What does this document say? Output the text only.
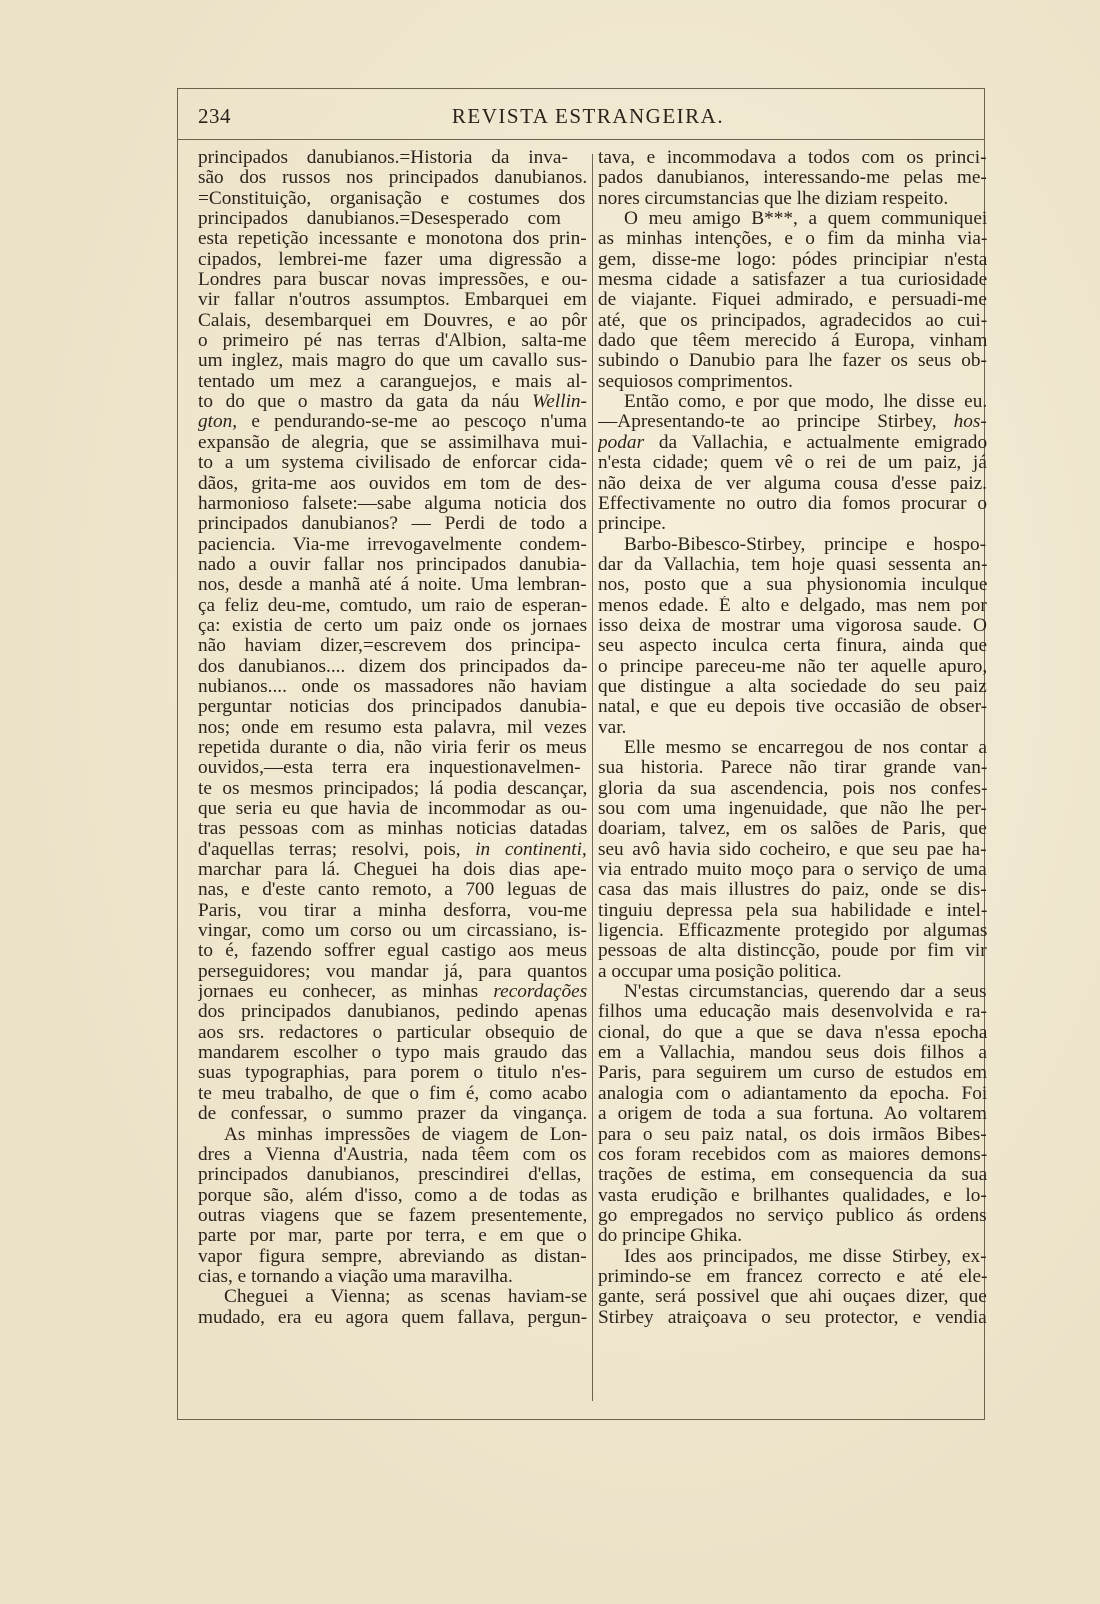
234	REVISTA ESTRANGEIRA.
principados danubianos.=Historia da inva-
são dos russos nos principados danubianos.
=Constituição, organisação e costumes dos
principados danubianos.=Desesperado com
esta repetição incessante e monotona dos prin-
cipados, lembrei-me fazer uma digressão a
Londres para buscar novas impressões, e ou-
vir fallar n'outros assumptos. Embarquei em
Calais, desembarquei em Douvres, e ao pôr
o primeiro pé nas terras d'Albion, salta-me
um inglez, mais magro do que um cavallo sus-
tentado um mez a caranguejos, e mais al-
to do que o mastro da gata da náu Wellin-
gton, e pendurando-se-me ao pescoço n'uma
expansão de alegria, que se assimilhava mui-
to a um systema civilisado de enforcar cida-
dãos, grita-me aos ouvidos em tom de des-
harmonioso falsete:—sabe alguma noticia dos
principados danubianos? — Perdi de todo a
paciencia. Via-me irrevogavelmente condem-
nado a ouvir fallar nos principados danubia-
nos, desde a manhã até á noite. Uma lembran-
ça feliz deu-me, comtudo, um raio de esperan-
ça: existia de certo um paiz onde os jornaes
não haviam dizer,=escrevem dos principa-
dos danubianos.... dizem dos principados da-
nubianos.... onde os massadores não haviam
perguntar noticias dos principados danubia-
nos; onde em resumo esta palavra, mil vezes
repetida durante o dia, não viria ferir os meus
ouvidos,—esta terra era inquestionavelmen-
te os mesmos principados; lá podia descançar,
que seria eu que havia de incommodar as ou-
tras pessoas com as minhas noticias datadas
d'aquellas terras; resolvi, pois, in continenti,
marchar para lá. Cheguei ha dois dias ape-
nas, e d'este canto remoto, a 700 leguas de
Paris, vou tirar a minha desforra, vou-me
vingar, como um corso ou um circassiano, is-
to é, fazendo soffrer egual castigo aos meus
perseguidores; vou mandar já, para quantos
jornaes eu conhecer, as minhas recordações
dos principados danubianos, pedindo apenas
aos srs. redactores o particular obsequio de
mandarem escolher o typo mais graudo das
suas typographias, para porem o titulo n'es-
te meu trabalho, de que o fim é, como acabo
de confessar, o summo prazer da vingança.
As minhas impressões de viagem de Lon-
dres a Vienna d'Austria, nada têem com os
principados danubianos, prescindirei d'ellas,
porque são, além d'isso, como a de todas as
outras viagens que se fazem presentemente,
parte por mar, parte por terra, e em que o
vapor figura sempre, abreviando as distan-
cias, e tornando a viação uma maravilha.
Cheguei a Vienna; as scenas haviam-se
mudado, era eu agora quem fallava, pergun-
tava, e incommodava a todos com os princi-
pados danubianos, interessando-me pelas me-
nores circumstancias que lhe diziam respeito.
O meu amigo B***, a quem communiquei
as minhas intenções, e o fim da minha via-
gem, disse-me logo: pódes principiar n'esta
mesma cidade a satisfazer a tua curiosidade
de viajante. Fiquei admirado, e persuadi-me
até, que os principados, agradecidos ao cui-
dado que têem merecido á Europa, vinham
subindo o Danubio para lhe fazer os seus ob-
sequiosos comprimentos.
Então como, e por que modo, lhe disse eu.
—Apresentando-te ao principe Stirbey, hos-
podar da Vallachia, e actualmente emigrado
n'esta cidade; quem vê o rei de um paiz, já
não deixa de ver alguma cousa d'esse paiz.
Effectivamente no outro dia fomos procurar o
principe.
Barbo-Bibesco-Stirbey, principe e hospo-
dar da Vallachia, tem hoje quasi sessenta an-
nos, posto que a sua physionomia inculque
menos edade. É alto e delgado, mas nem por
isso deixa de mostrar uma vigorosa saude. O
seu aspecto inculca certa finura, ainda que
o principe pareceu-me não ter aquelle apuro,
que distingue a alta sociedade do seu paiz
natal, e que eu depois tive occasião de obser-
var.
Elle mesmo se encarregou de nos contar a
sua historia. Parece não tirar grande van-
gloria da sua ascendencia, pois nos confes-
sou com uma ingenuidade, que não lhe per-
doariam, talvez, em os salões de Paris, que
seu avô havia sido cocheiro, e que seu pae ha-
via entrado muito moço para o serviço de uma
casa das mais illustres do paiz, onde se dis-
tinguiu depressa pela sua habilidade e intel-
ligencia. Efficazmente protegido por algumas
pessoas de alta distincção, poude por fim vir
a occupar uma posição politica.
N'estas circumstancias, querendo dar a seus
filhos uma educação mais desenvolvida e ra-
cional, do que a que se dava n'essa epocha
em a Vallachia, mandou seus dois filhos a
Paris, para seguirem um curso de estudos em
analogia com o adiantamento da epocha. Foi
a origem de toda a sua fortuna. Ao voltarem
para o seu paiz natal, os dois irmãos Bibes-
cos foram recebidos com as maiores demons-
trações de estima, em consequencia da sua
vasta erudição e brilhantes qualidades, e lo-
go empregados no serviço publico ás ordens
do principe Ghika.
Ides aos principados, me disse Stirbey, ex-
primindo-se em francez correcto e até ele-
gante, será possivel que ahi ouçaes dizer, que
Stirbey atraiçoava o seu protector, e vendia
